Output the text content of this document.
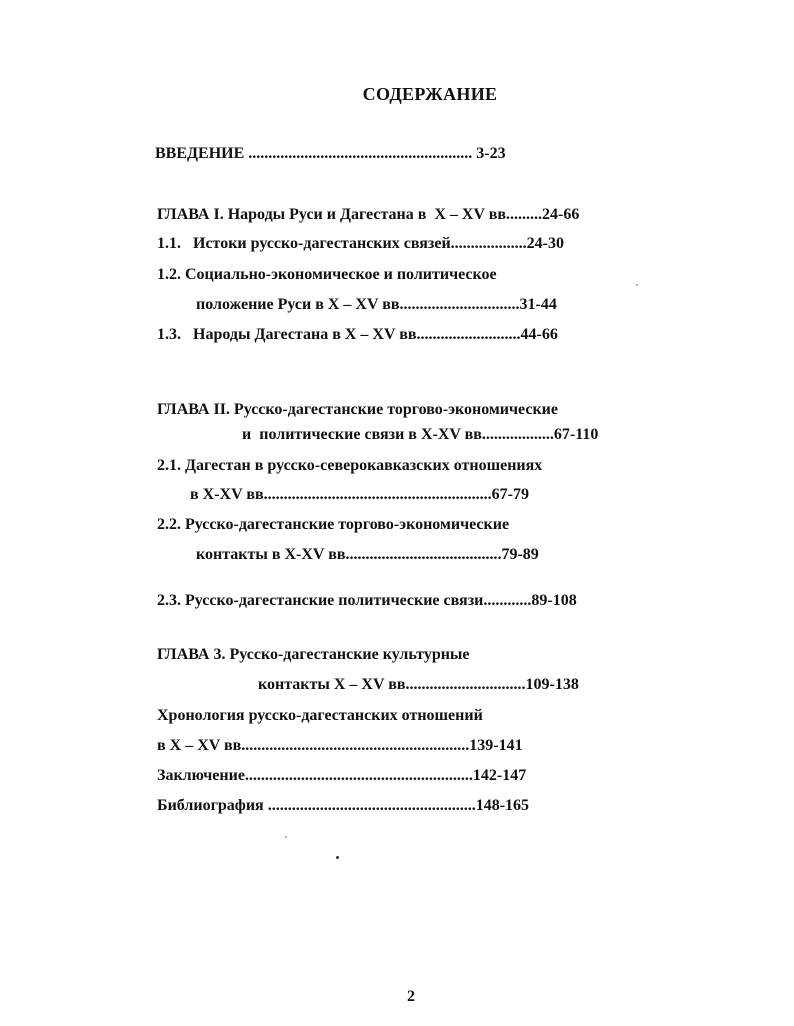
СОДЕРЖАНИЕ
ВВЕДЕНИЕ ........................................................ 3-23
ГЛАВА I. Народы Руси и Дагестана в  X – XV вв.........24-66
1.1.   Истоки русско-дагестанских связей...................24-30
1.2. Социально-экономическое и политическое
положение Руси в X – XV вв..............................31-44
1.3.   Народы Дагестана в X – XV вв..........................44-66
ГЛАВА II. Русско-дагестанские торгово-экономические
и  политические связи в X-XV вв..................67-110
2.1. Дагестан в русско-северокавказских отношениях
в X-XV вв.........................................................67-79
2.2. Русско-дагестанские торгово-экономические
контакты в X-XV вв.......................................79-89
2.3. Русско-дагестанские политические связи............89-108
ГЛАВА 3. Русско-дагестанские культурные
контакты X – XV вв..............................109-138
Хронология русско-дагестанских отношений
в X – XV вв.........................................................139-141
Заключение.........................................................142-147
Библиография ....................................................148-165
2
